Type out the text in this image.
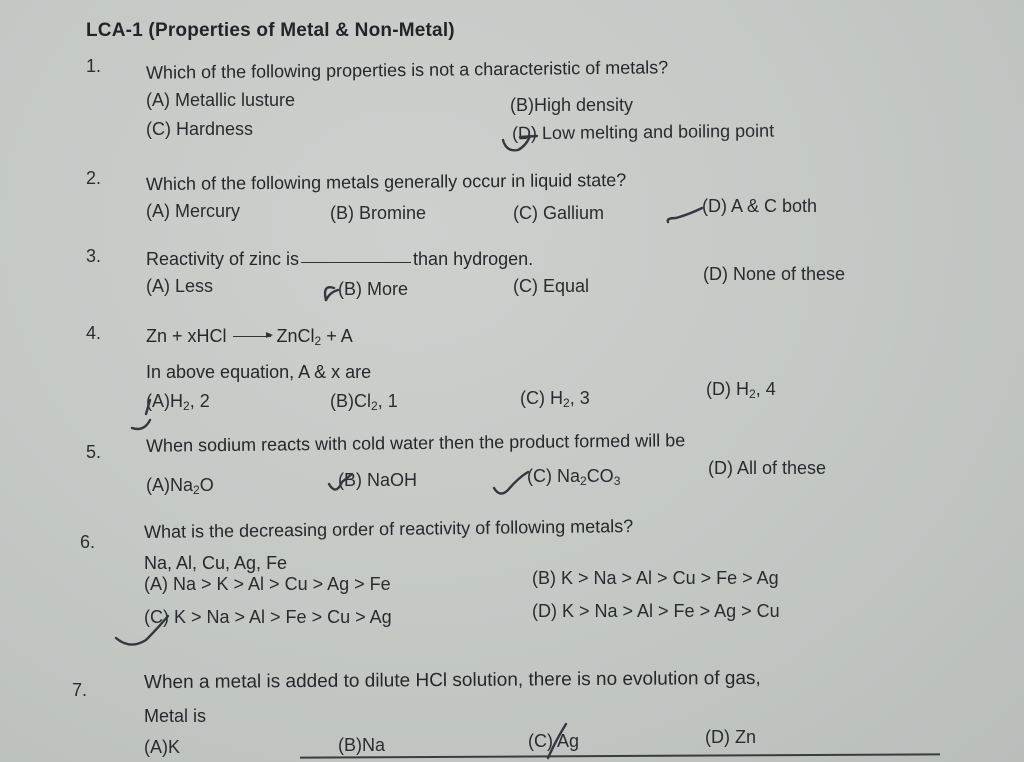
LCA-1 (Properties of Metal & Non-Metal)
1. Which of the following properties is not a characteristic of metals?
(A) Metallic lusture	(B)High density
(C) Hardness	(D) Low melting and boiling point
2. Which of the following metals generally occur in liquid state?
(A) Mercury	(B) Bromine	(C) Gallium	(D) A & C both
3. Reactivity of zinc is	than hydrogen.
(A) Less	(B) More	(C) Equal
(D) None of these
4. Zn + xHCl	ZnCl$_2$ + A
In above equation, A & x are
$(A)H_2$, 2	$(B)Cl_2$, 1	(C) $H_2$, 3	(D) $H_2$, 4
5. When sodium reacts with cold water then the product formed will be
$(A)Na_2O$	(B) NaOH	(C) $Na_2CO_3$
(D) All of these
6.
What is the decreasing order of reactivity of following metals?
Na, Al, Cu, Ag, Fe
(A) Na > K > Al > Cu > Ag > Fe	(B) K > Na > Al > Cu > Fe > Ag
(C) K > Na > Al > Fe > Cu > Ag	(D) K > Na > Al > Fe > Ag > Cu
7.	When a metal is added to dilute HCl solution, there is no evolution of gas,
Metal is
(A)K	(B)Na	(C) Ag	(D) Zn
